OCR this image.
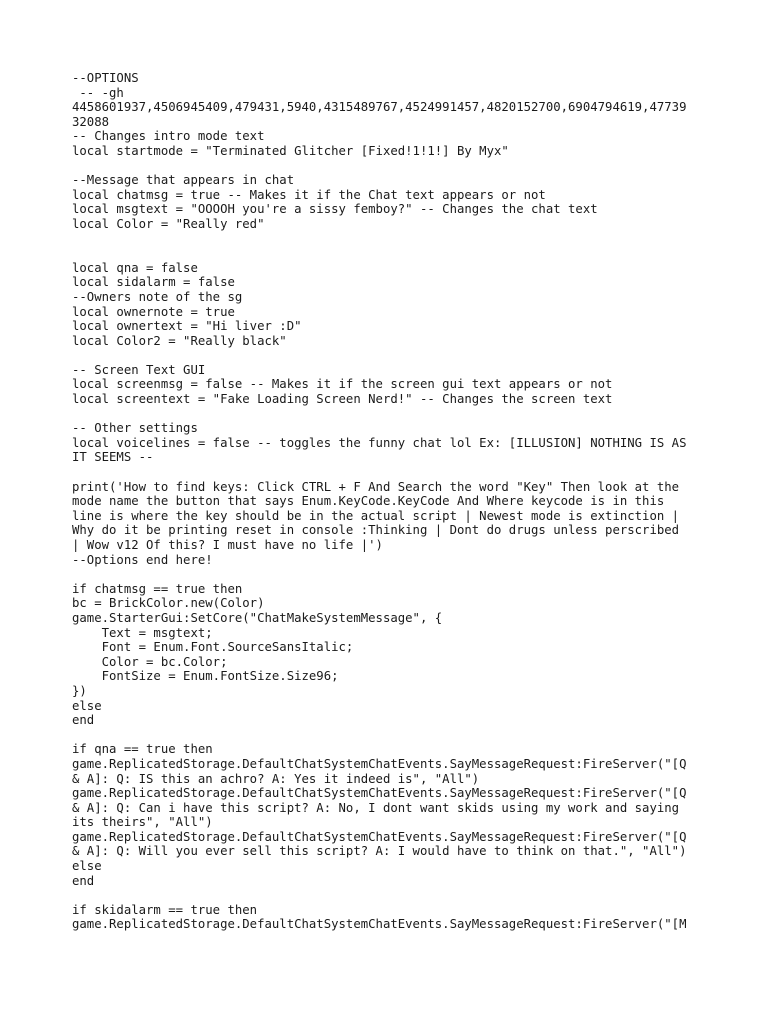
--OPTIONS
-- -gh
4458601937,4506945409,479431,5940,4315489767,4524991457,4820152700,6904794619,47739
32088
-- Changes intro mode text
local startmode = "Terminated Glitcher [Fixed!1!1!] By Myx"
--Message that appears in chat
local chatmsg = true -- Makes it if the Chat text appears or not
local msgtext = "OOOOH you're a sissy femboy?" -- Changes the chat text
local Color = "Really red"
local qna = false
local sidalarm = false
--Owners note of the sg
local ownernote = true
local ownertext = "Hi liver :D"
local Color2 = "Really black"
-- Screen Text GUI
local screenmsg = false -- Makes it if the screen gui text appears or not
local screentext = "Fake Loading Screen Nerd!" -- Changes the screen text
-- Other settings
local voicelines = false -- toggles the funny chat lol Ex: [ILLUSION] NOTHING IS AS
IT SEEMS --
print('How to find keys: Click CTRL + F And Search the word "Key" Then look at the
mode name the button that says Enum.KeyCode.KeyCode And Where keycode is in this
line is where the key should be in the actual script | Newest mode is extinction |
Why do it be printing reset in console :Thinking | Dont do drugs unless perscribed
| Wow v12 Of this? I must have no life |')
--Options end here!
if chatmsg == true then
bc = BrickColor.new(Color)
game.StarterGui:SetCore("ChatMakeSystemMessage", {
Text = msgtext;
Font = Enum.Font.SourceSansItalic;
Color = bc.Color;
FontSize = Enum.FontSize.Size96;
})
else
end
if qna == true then
game.ReplicatedStorage.DefaultChatSystemChatEvents.SayMessageRequest:FireServer("[Q
& A]: Q: IS this an achro? A: Yes it indeed is", "All")
game.ReplicatedStorage.DefaultChatSystemChatEvents.SayMessageRequest:FireServer("[Q
& A]: Q: Can i have this script? A: No, I dont want skids using my work and saying
its theirs", "All")
game.ReplicatedStorage.DefaultChatSystemChatEvents.SayMessageRequest:FireServer("[Q
& A]: Q: Will you ever sell this script? A: I would have to think on that.", "All")
else
end
if skidalarm == true then
game.ReplicatedStorage.DefaultChatSystemChatEvents.SayMessageRequest:FireServer("[M
